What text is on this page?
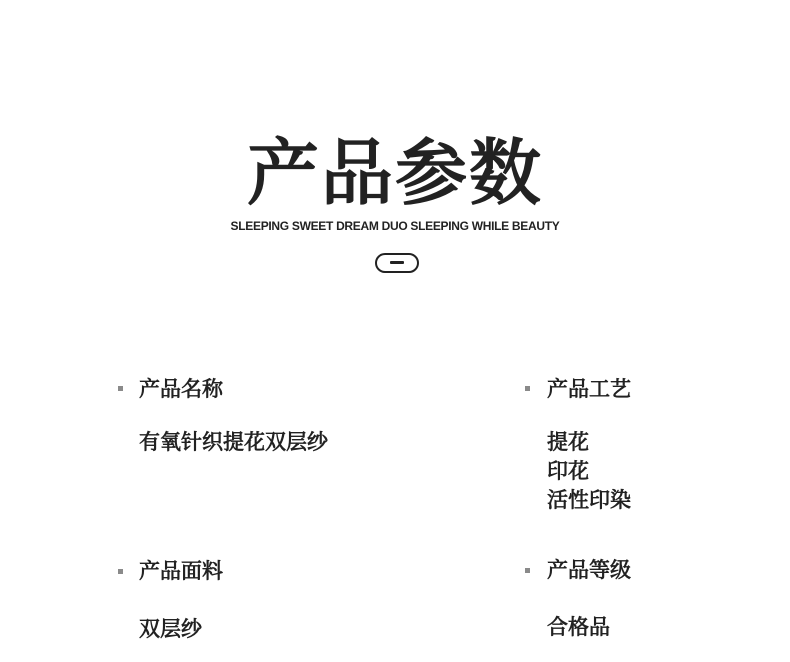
产品参数
SLEEPING SWEET DREAM DUO SLEEPING WHILE BEAUTY
产品名称
有氧针织提花双层纱
产品工艺
提花
印花
活性印染
产品面料
双层纱
产品等级
合格品
